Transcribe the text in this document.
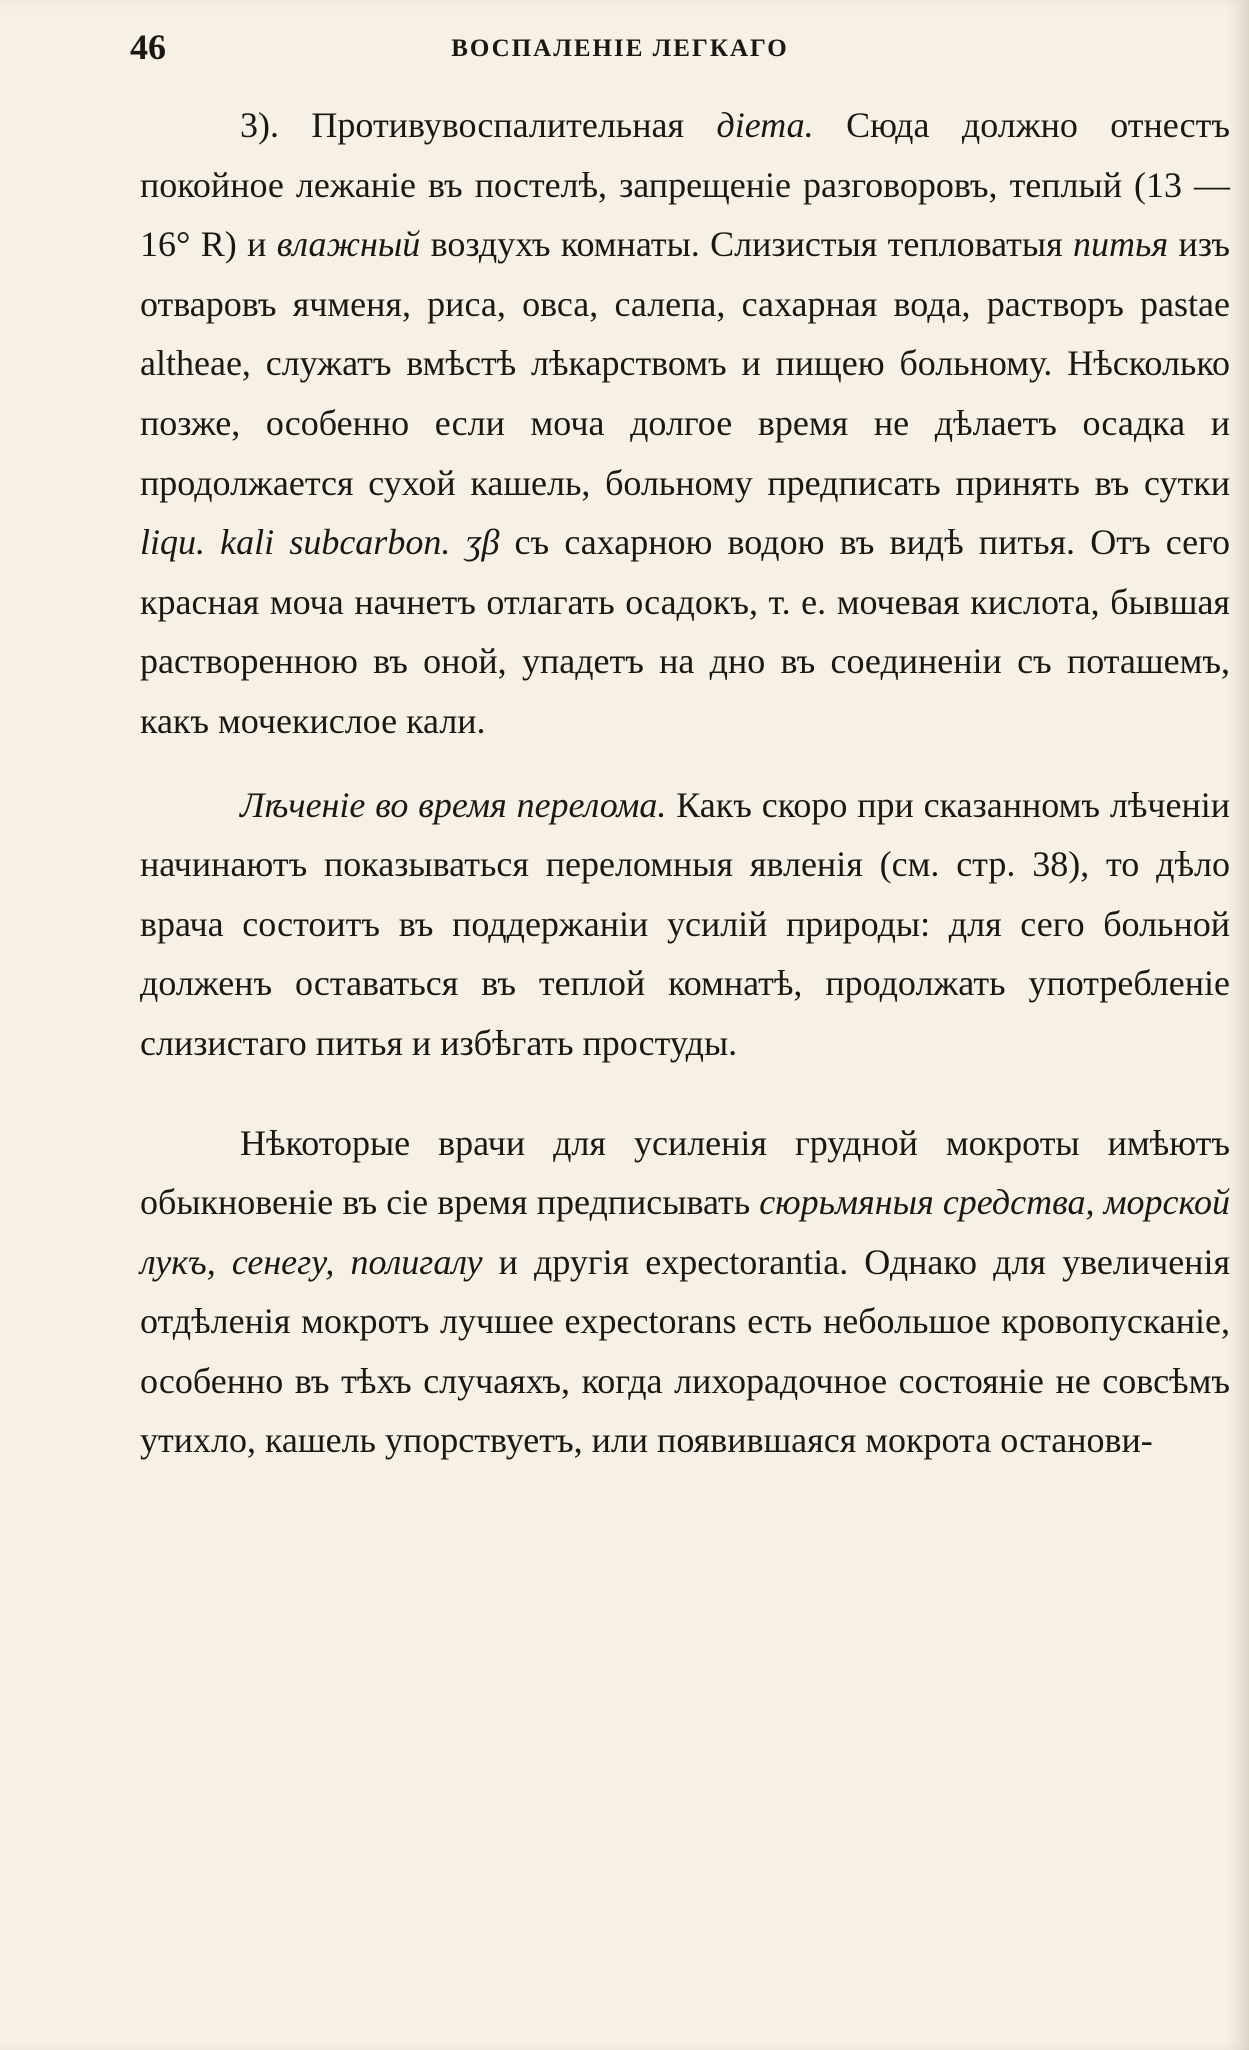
46	ВОСПАЛЕНІЕ ЛЕГКАГО

3). Противувоспалительная діета. Сюда должно отнестъ покойное лежаніе въ постелѣ, запрещеніе разговоровъ, теплый (13 — 16° R) и влажный воздухъ комнаты. Слизистыя тепловатыя питья изъ отваровъ ячменя, риса, овса, салепа, сахарная вода, растворъ pastae altheae, служатъ вмѣстѣ лѣкарствомъ и пищею больному. Нѣсколько позже, особенно если моча долгое время не дѣлаетъ осадка и продолжается сухой кашель, больному предписать принять въ сутки liqu. kali subcarbon. ʒβ съ сахарною водою въ видѣ питья. Отъ сего красная моча начнетъ отлагать осадокъ, т. е. мочевая кислота, бывшая растворенною въ оной, упадетъ на дно въ соединеніи съ поташемъ, какъ мочекислое кали.

Лѣченіе во время перелома. Какъ скоро при сказанномъ лѣченіи начинаютъ показываться переломныя явленія (см. стр. 38), то дѣло врача состоитъ въ поддержаніи усилій природы: для сего больной долженъ оставаться въ теплой комнатѣ, продолжать употребленіе слизистаго питья и избѣгать простуды.

Нѣкоторые врачи для усиленія грудной мокроты имѣютъ обыкновеніе въ сіе время предписывать сюрьмяныя средства, морской лукъ, сенегу, полигалу и другія expectorantia. Однако для увеличенія отдѣленія мокротъ лучшее expectorans есть небольшое кровопусканіе, особенно въ тѣхъ случаяхъ, когда лихорадочное состояніе не совсѣмъ утихло, кашель упорствуетъ, или появившаяся мокрота останови-
